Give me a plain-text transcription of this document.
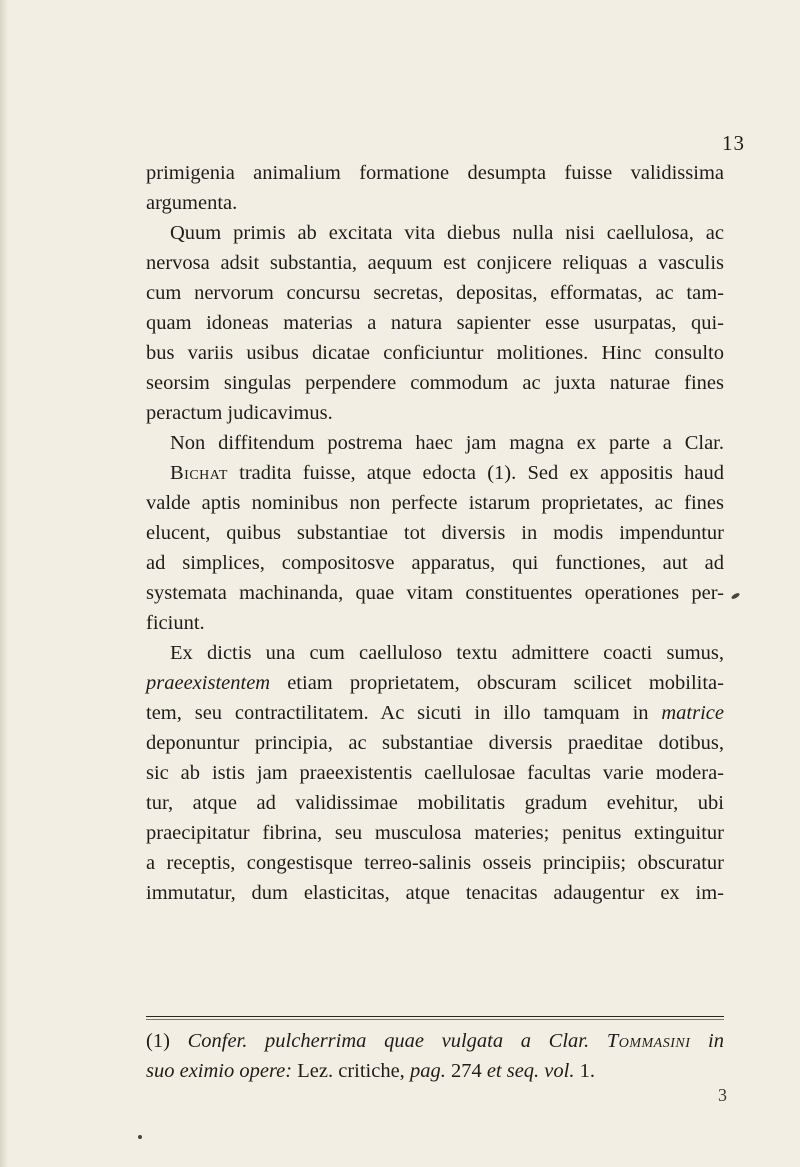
13
primigenia animalium formatione desumpta fuisse validissima
argumenta.
Quum primis ab excitata vita diebus nulla nisi caellulosa, ac
nervosa adsit substantia, aequum est conjicere reliquas a vasculis
cum nervorum concursu secretas, depositas, efformatas, ac tam-
quam idoneas materias a natura sapienter esse usurpatas, qui-
bus variis usibus dicatae conficiuntur molitiones. Hinc consulto
seorsim singulas perpendere commodum ac juxta naturae fines
peractum judicavimus.
Non diffitendum postrema haec jam magna ex parte a Clar.
Bichat tradita fuisse, atque edocta (1). Sed ex appositis haud
valde aptis nominibus non perfecte istarum proprietates, ac fines
elucent, quibus substantiae tot diversis in modis impenduntur
ad simplices, compositosve apparatus, qui functiones, aut ad
systemata machinanda, quae vitam constituentes operationes per-
ficiunt.
Ex dictis una cum caelluloso textu admittere coacti sumus,
praeexistentem etiam proprietatem, obscuram scilicet mobilita-
tem, seu contractilitatem. Ac sicuti in illo tamquam in matrice
deponuntur principia, ac substantiae diversis praeditae dotibus,
sic ab istis jam praeexistentis caellulosae facultas varie modera-
tur, atque ad validissimae mobilitatis gradum evehitur, ubi
praecipitatur fibrina, seu musculosa materies; penitus extinguitur
a receptis, congestisque terreo-salinis osseis principiis; obscuratur
immutatur, dum elasticitas, atque tenacitas adaugentur ex im-
(1) Confer. pulcherrima quae vulgata a Clar. Tommasini in
suo eximio opere: Lez. critiche, pag. 274 et seq. vol. 1.
3
